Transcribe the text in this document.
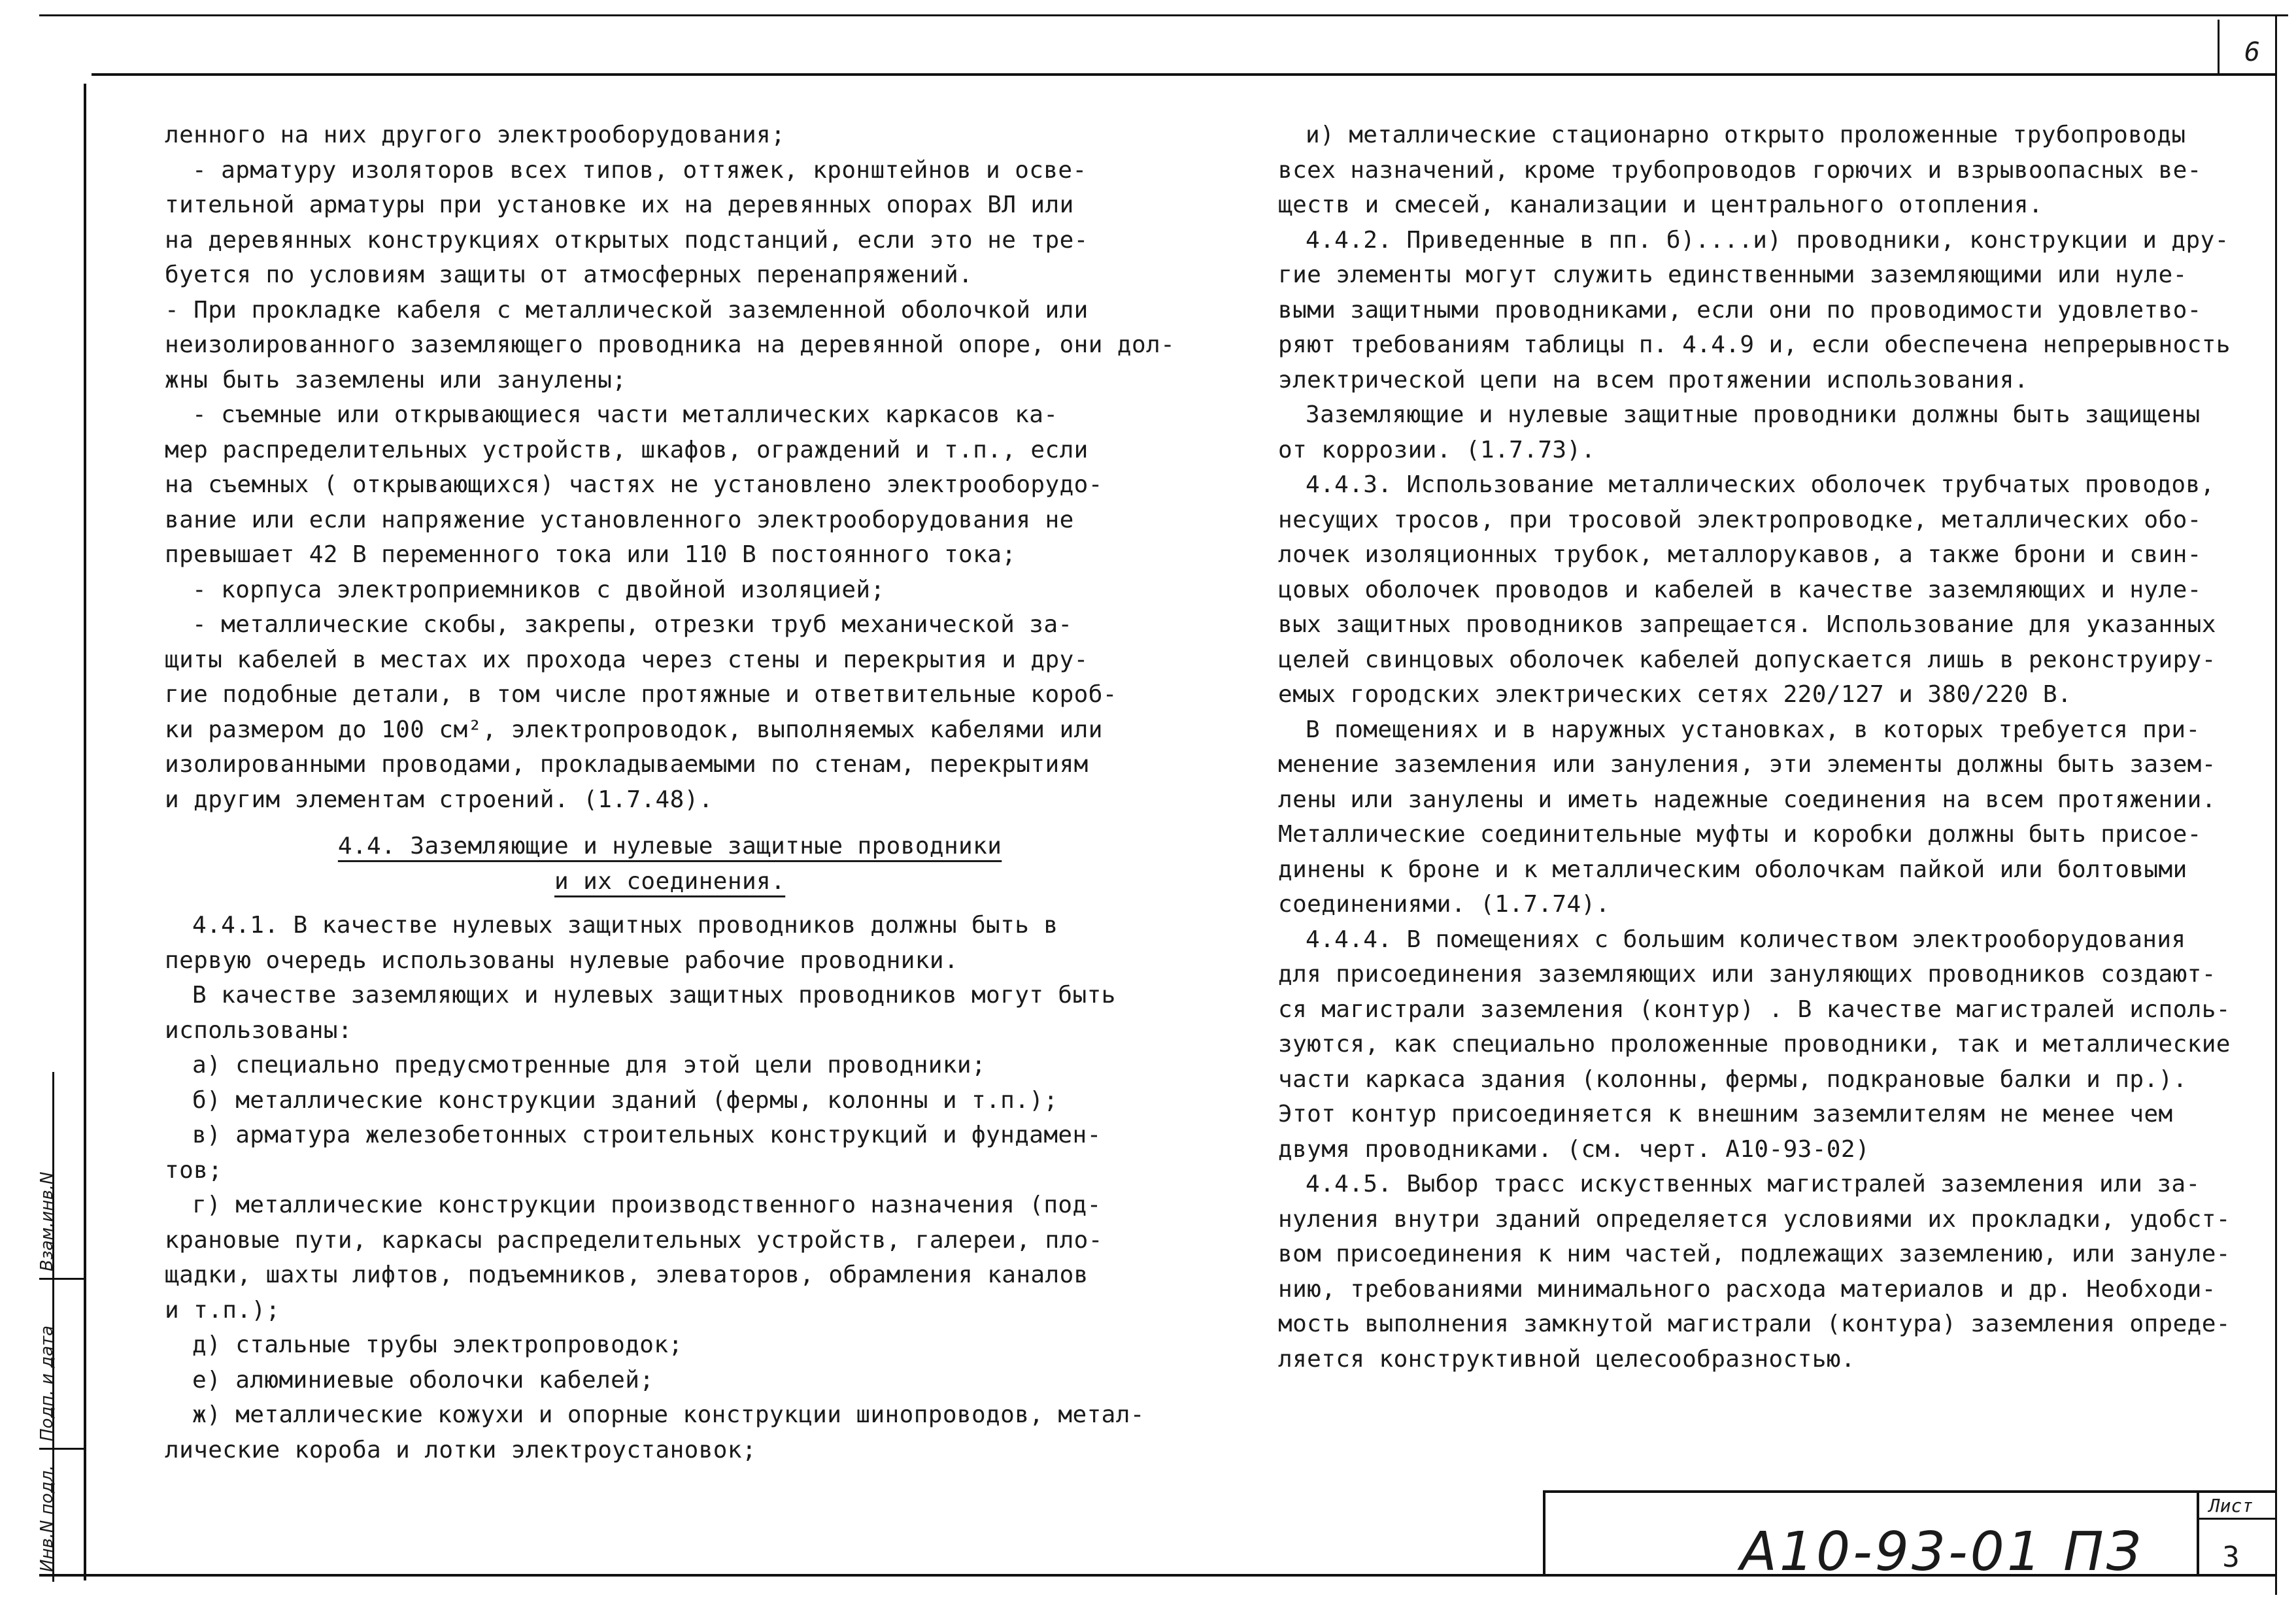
6
Инв.N подл.
Подп. и дата
Взам.инв.N

ленного на них другого электрооборудования;

- арматуру изоляторов всех типов, оттяжек, кронштейнов и осве-

тительной арматуры при установке их на деревянных опорах ВЛ или

на деревянных конструкциях открытых подстанций, если это не тре-

буется по условиям защиты от атмосферных перенапряжений.

- При прокладке кабеля с металлической заземленной оболочкой или

неизолированного заземляющего проводника на деревянной опоре, они дол-

жны быть заземлены или занулены;

- съемные или открывающиеся части металлических каркасов ка-

мер распределительных устройств, шкафов, ограждений и т.п., если

на съемных ( открывающихся) частях не установлено электрооборудо-

вание или если напряжение установленного электрооборудования не

превышает 42 В переменного тока или 110 В постоянного тока;

- корпуса электроприемников с двойной изоляцией;

- металлические скобы, закрепы, отрезки труб механической за-

щиты кабелей в местах их прохода через стены и перекрытия и дру-

гие подобные детали, в том числе протяжные и ответвительные короб-

ки размером до 100 см², электропроводок, выполняемых кабелями или

изолированными проводами, прокладываемыми по стенам, перекрытиям

и другим элементам строений. (1.7.48).

4.4. Заземляющие и нулевые защитные проводники

и их соединения.

4.4.1. В качестве нулевых защитных проводников должны быть в

первую очередь использованы нулевые рабочие проводники.

В качестве заземляющих и нулевых защитных проводников могут быть

использованы:

а) специально предусмотренные для этой цели проводники;

б) металлические конструкции зданий (фермы, колонны и т.п.);

в) арматура железобетонных строительных конструкций и фундамен-

тов;

г) металлические конструкции производственного назначения (под-

крановые пути, каркасы распределительных устройств, галереи, пло-

щадки, шахты лифтов, подъемников, элеваторов, обрамления каналов

и т.п.);

д) стальные трубы электропроводок;

е) алюминиевые оболочки кабелей;

ж) металлические кожухи и опорные конструкции шинопроводов, метал-

лические короба и лотки электроустановок;

и) металлические стационарно открыто проложенные трубопроводы

всех назначений, кроме трубопроводов горючих и взрывоопасных ве-

ществ и смесей, канализации и центрального отопления.

4.4.2. Приведенные в пп. б)....и) проводники, конструкции и дру-

гие элементы могут служить единственными заземляющими или нуле-

выми защитными проводниками, если они по проводимости удовлетво-

ряют требованиям таблицы п. 4.4.9 и, если обеспечена непрерывность

электрической цепи на всем протяжении использования.

Заземляющие и нулевые защитные проводники должны быть защищены

от коррозии. (1.7.73).

4.4.3. Использование металлических оболочек трубчатых проводов,

несущих тросов, при тросовой электропроводке, металлических обо-

лочек изоляционных трубок, металлорукавов, а также брони и свин-

цовых оболочек проводов и кабелей в качестве заземляющих и нуле-

вых защитных проводников запрещается. Использование для указанных

целей свинцовых оболочек кабелей допускается лишь в реконструиру-

емых городских электрических сетях 220/127 и 380/220 В.

В помещениях и в наружных установках, в которых требуется при-

менение заземления или зануления, эти элементы должны быть зазем-

лены или занулены и иметь надежные соединения на всем протяжении.

Металлические соединительные муфты и коробки должны быть присое-

динены к броне и к металлическим оболочкам пайкой или болтовыми

соединениями. (1.7.74).

4.4.4. В помещениях с большим количеством электрооборудования

для присоединения заземляющих или зануляющих проводников создают-

ся магистрали заземления (контур) . В качестве магистралей исполь-

зуются, как специально проложенные проводники, так и металлические

части каркаса здания (колонны, фермы, подкрановые балки и пр.).

Этот контур присоединяется к внешним заземлителям не менее чем

двумя проводниками. (см. черт. А10-93-02)

4.4.5. Выбор трасс искуственных магистралей заземления или за-

нуления внутри зданий определяется условиями их прокладки, удобст-

вом присоединения к ним частей, подлежащих заземлению, или зануле-

нию, требованиями минимального расхода материалов и др. Необходи-

мость выполнения замкнутой магистрали (контура) заземления опреде-

ляется конструктивной целесообразностью.

А10-93-01 ПЗ
Лист
3
